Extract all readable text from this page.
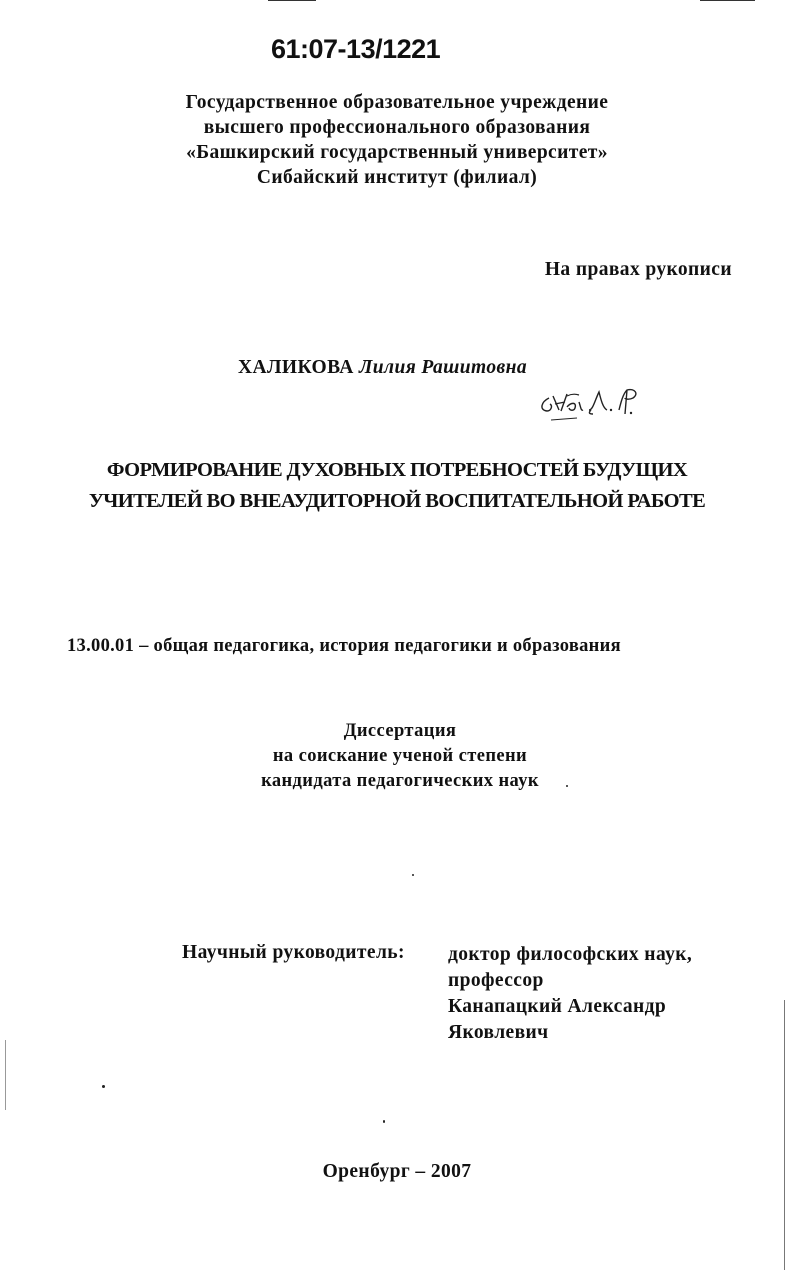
61:07-13/1221
Государственное образовательное учреждение
высшего профессионального образования
«Башкирский государственный университет»
Сибайский институт (филиал)
На правах рукописи
ХАЛИКОВА Лилия Рашитовна
ФОРМИРОВАНИЕ ДУХОВНЫХ ПОТРЕБНОСТЕЙ БУДУЩИХ
УЧИТЕЛЕЙ ВО ВНЕАУДИТОРНОЙ ВОСПИТАТЕЛЬНОЙ РАБОТЕ
13.00.01 – общая педагогика, история педагогики и образования
Диссертация
на соискание ученой степени
кандидата педагогических наук
Научный руководитель: доктор философских наук,
профессор
Канапацкий Александр
Яковлевич
Оренбург – 2007
